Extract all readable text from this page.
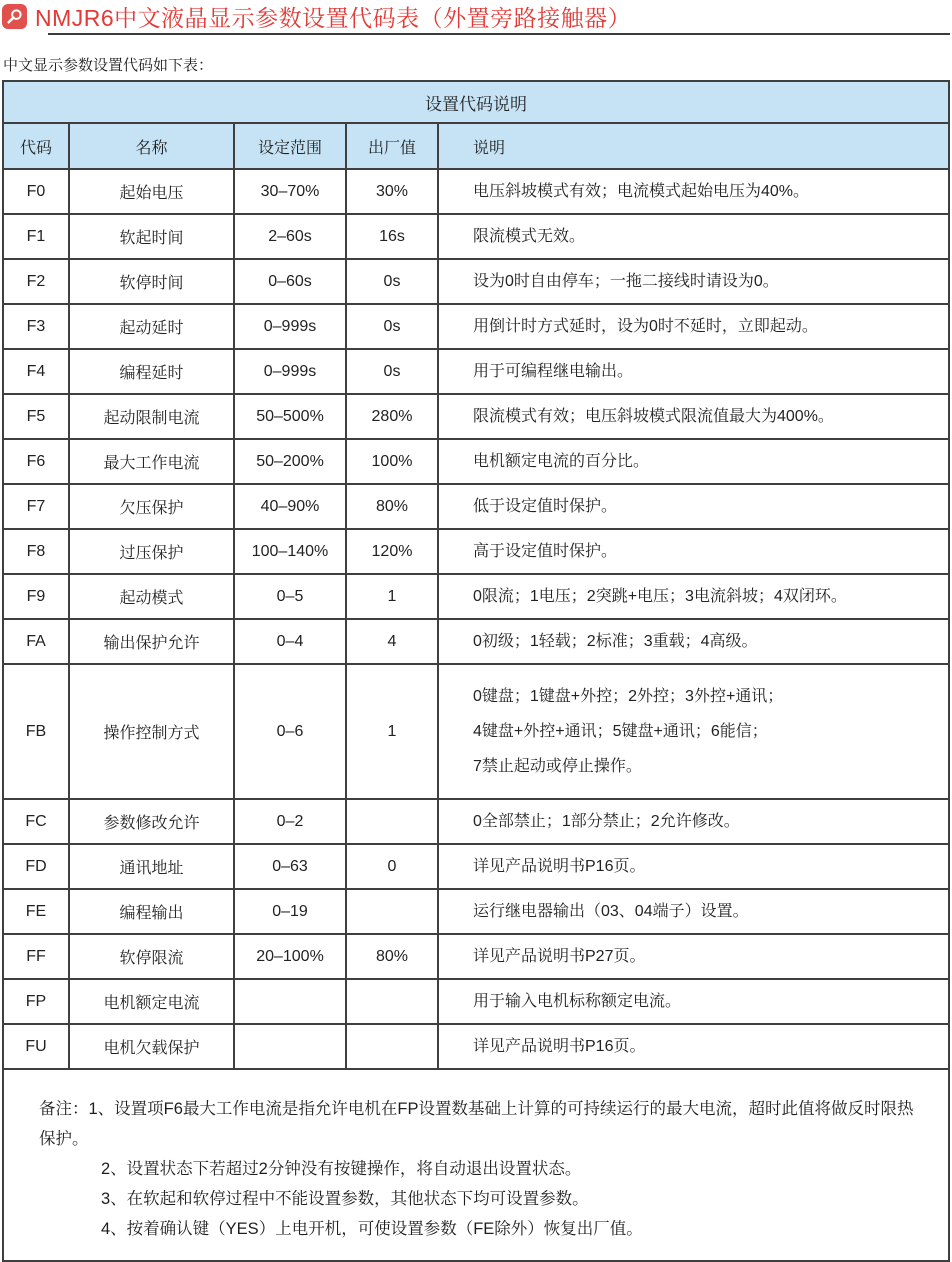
NMJR6中文液晶显示参数设置代码表（外置旁路接触器）
中文显示参数设置代码如下表：
设置代码说明				
代码	名称	设定范围	出厂值	说明
F0	起始电压	30–70%	30%	电压斜坡模式有效；电流模式起始电压为40%。

F1	软起时间	2–60s	16s	限流模式无效。

F2	软停时间	0–60s	0s	设为0时自由停车；一拖二接线时请设为0。

F3	起动延时	0–999s	0s	用倒计时方式延时，设为0时不延时，立即起动。

F4	编程延时	0–999s	0s	用于可编程继电输出。

F5	起动限制电流	50–500%	280%	限流模式有效；电压斜坡模式限流值最大为400%。

F6	最大工作电流	50–200%	100%	电机额定电流的百分比。

F7	欠压保护	40–90%	80%	低于设定值时保护。

F8	过压保护	100–140%	120%	高于设定值时保护。

F9	起动模式	0–5	1	0限流；1电压；2突跳+电压；3电流斜坡；4双闭环。

FA	输出保护允许	0–4	4	0初级；1轻载；2标准；3重载；4高级。

FB	操作控制方式	0–6	1	0键盘；1键盘+外控；2外控；3外控+通讯；
4键盘+外控+通讯；5键盘+通讯；6能信；
7禁止起动或停止操作。

FC	参数修改允许	0–2		0全部禁止；1部分禁止；2允许修改。

FD	通讯地址	0–63	0	详见产品说明书P16页。

FE	编程输出	0–19		运行继电器输出（03、04端子）设置。

FF	软停限流	20–100%	80%	详见产品说明书P27页。

FP	电机额定电流			用于输入电机标称额定电流。

FU	电机欠载保护			详见产品说明书P16页。

备注：1、设置项F6最大工作电流是指允许电机在FP设置数基础上计算的可持续运行的最大电流，超时此值将做反时限热保护。

2、设置状态下若超过2分钟没有按键操作，将自动退出设置状态。

3、在软起和软停过程中不能设置参数，其他状态下均可设置参数。

4、按着确认键（YES）上电开机，可使设置参数（FE除外）恢复出厂值。
